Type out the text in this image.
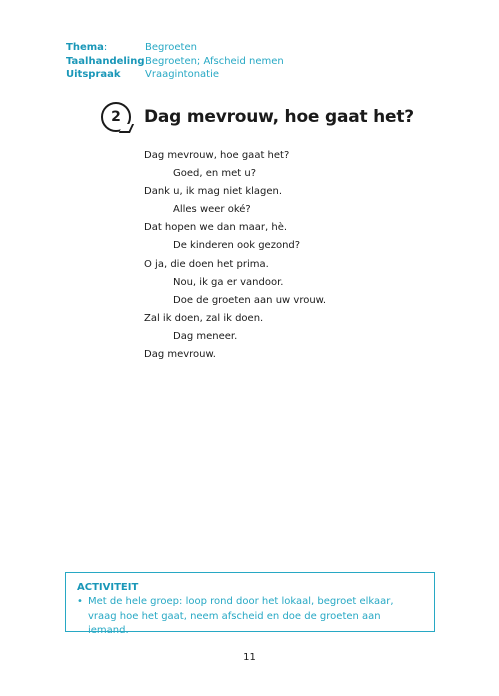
Thema:	Begroeten
Taalhandeling Begroeten; Afscheid nemen
Uitspraak	Vraagintonatie
2 Dag mevrouw, hoe gaat het?
Dag mevrouw, hoe gaat het?
Goed, en met u?
Dank u, ik mag niet klagen.
Alles weer oké?
Dat hopen we dan maar, hè.
De kinderen ook gezond?
O ja, die doen het prima.
Nou, ik ga er vandoor.
Doe de groeten aan uw vrouw.
Zal ik doen, zal ik doen.
Dag meneer.
Dag mevrouw.
ACTIVITEIT
• Met de hele groep: loop rond door het lokaal, begroet elkaar, vraag hoe het gaat, neem afscheid en doe de groeten aan iemand.
11
